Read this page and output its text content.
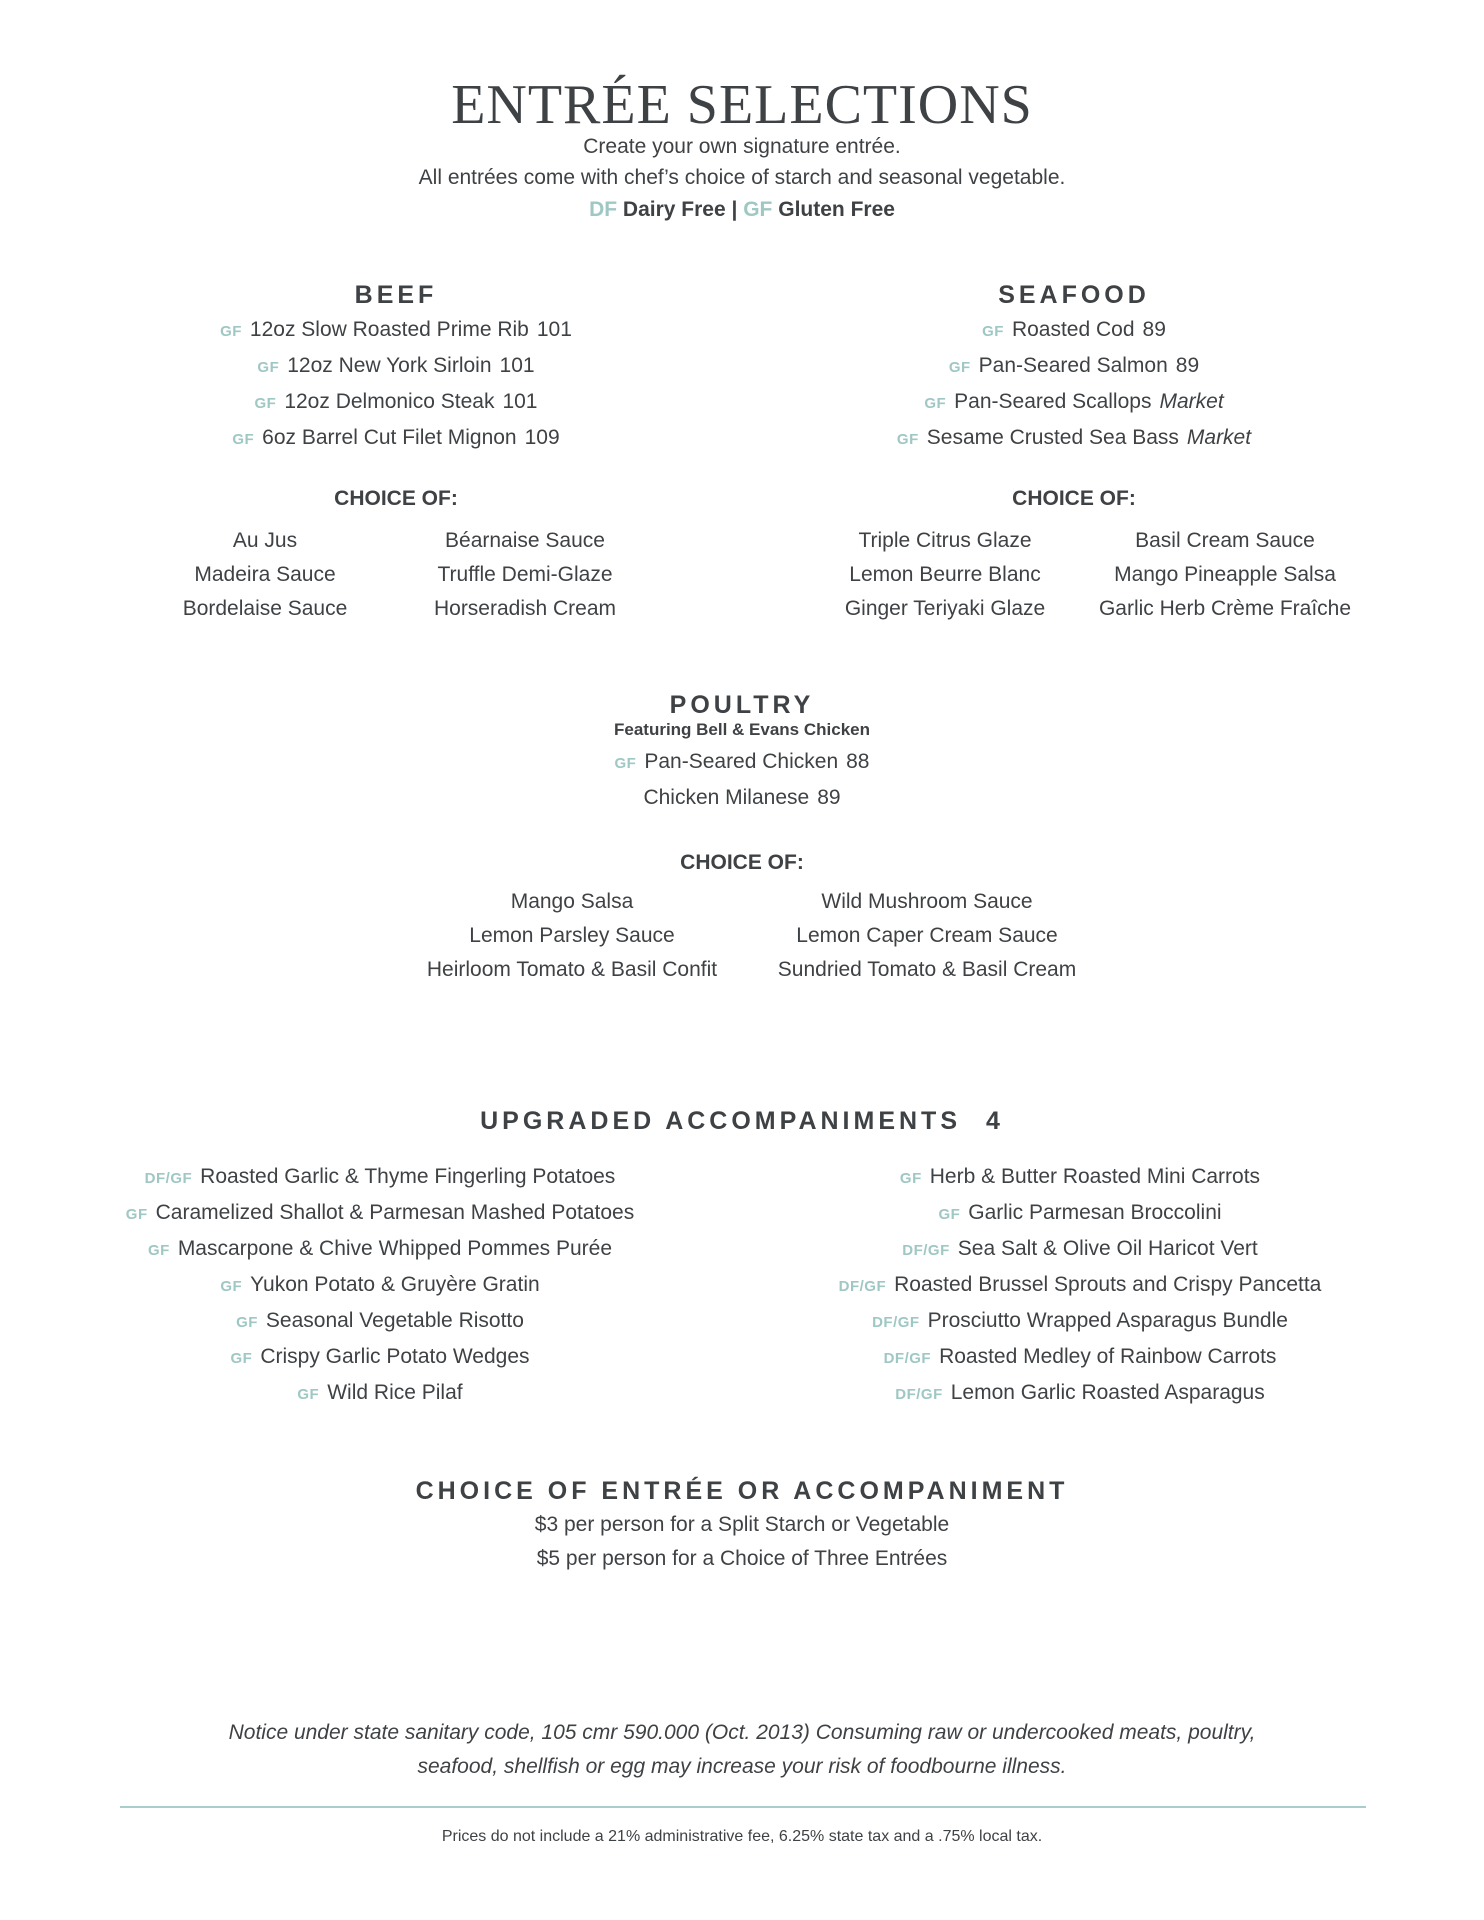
ENTRÉE SELECTIONS
Create your own signature entrée.
All entrées come with chef’s choice of starch and seasonal vegetable.
DF Dairy Free | GF Gluten Free
BEEF
GF 12oz Slow Roasted Prime Rib 101
GF 12oz New York Sirloin 101
GF 12oz Delmonico Steak 101
GF 6oz Barrel Cut Filet Mignon 109
CHOICE OF:
Au Jus
Madeira Sauce
Bordelaise Sauce
Béarnaise Sauce
Truffle Demi-Glaze
Horseradish Cream
SEAFOOD
GF Roasted Cod 89
GF Pan-Seared Salmon 89
GF Pan-Seared Scallops Market
GF Sesame Crusted Sea Bass Market
CHOICE OF:
Triple Citrus Glaze
Lemon Beurre Blanc
Ginger Teriyaki Glaze
Basil Cream Sauce
Mango Pineapple Salsa
Garlic Herb Crème Fraîche
POULTRY
Featuring Bell & Evans Chicken
GF Pan-Seared Chicken 88
Chicken Milanese 89
CHOICE OF:
Mango Salsa
Lemon Parsley Sauce
Heirloom Tomato & Basil Confit
Wild Mushroom Sauce
Lemon Caper Cream Sauce
Sundried Tomato & Basil Cream
UPGRADED ACCOMPANIMENTS 4
DF/GF Roasted Garlic & Thyme Fingerling Potatoes
GF Caramelized Shallot & Parmesan Mashed Potatoes
GF Mascarpone & Chive Whipped Pommes Purée
GF Yukon Potato & Gruyère Gratin
GF Seasonal Vegetable Risotto
GF Crispy Garlic Potato Wedges
GF Wild Rice Pilaf
GF Herb & Butter Roasted Mini Carrots
GF Garlic Parmesan Broccolini
DF/GF Sea Salt & Olive Oil Haricot Vert
DF/GF Roasted Brussel Sprouts and Crispy Pancetta
DF/GF Prosciutto Wrapped Asparagus Bundle
DF/GF Roasted Medley of Rainbow Carrots
DF/GF Lemon Garlic Roasted Asparagus
CHOICE OF ENTRÉE OR ACCOMPANIMENT
$3 per person for a Split Starch or Vegetable
$5 per person for a Choice of Three Entrées
Notice under state sanitary code, 105 cmr 590.000 (Oct. 2013) Consuming raw or undercooked meats, poultry,
seafood, shellfish or egg may increase your risk of foodbourne illness.
Prices do not include a 21% administrative fee, 6.25% state tax and a .75% local tax.
